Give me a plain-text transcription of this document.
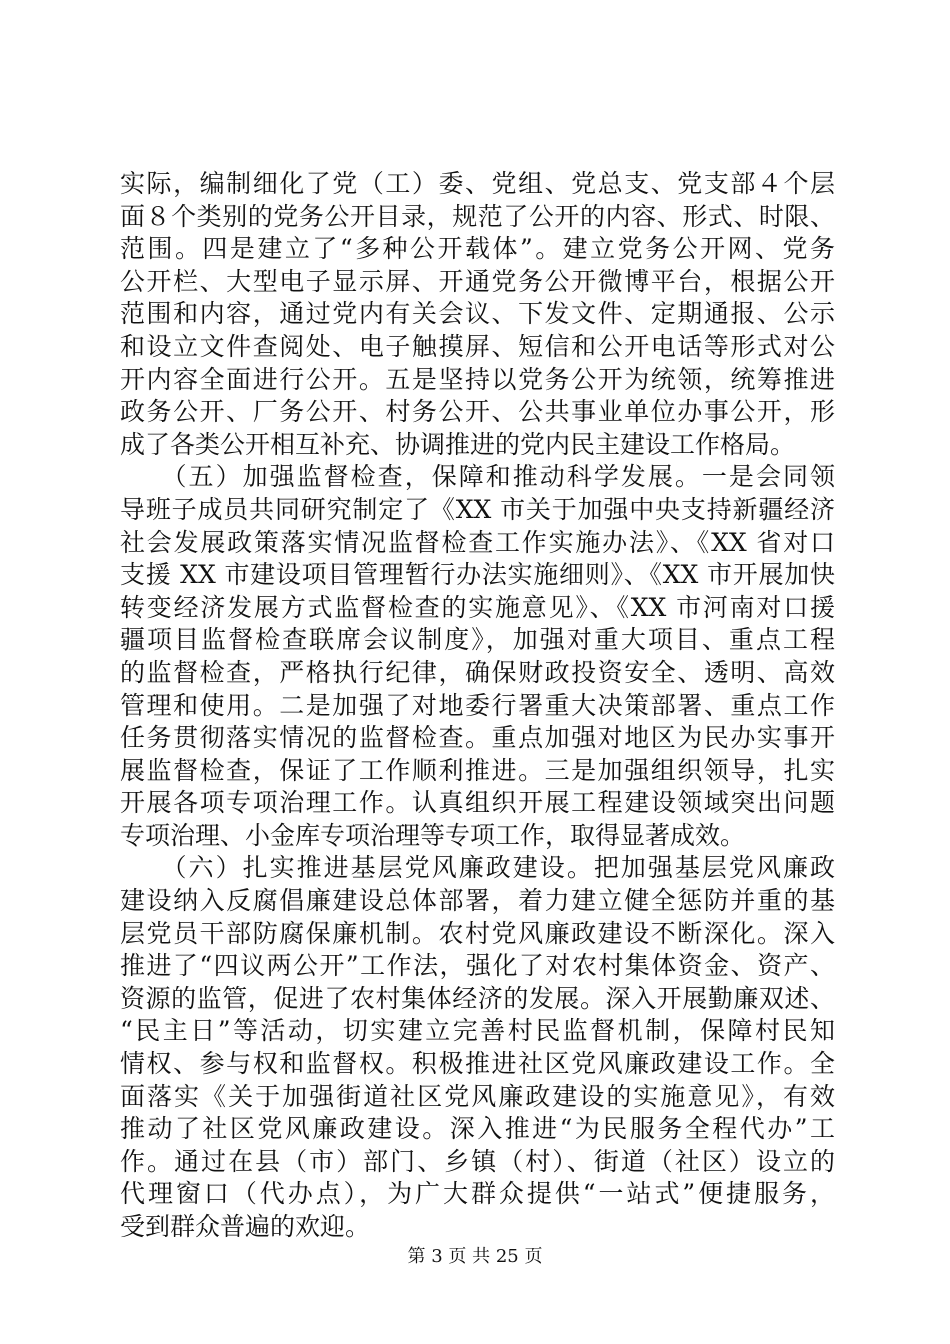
实际，编制细化了党（工）委、党组、党总支、党支部４个层
面８个类别的党务公开目录，规范了公开的内容、形式、时限、
范围。四是建立了“多种公开载体”。建立党务公开网、党务
公开栏、大型电子显示屏、开通党务公开微博平台，根据公开
范围和内容，通过党内有关会议、下发文件、定期通报、公示
和设立文件查阅处、电子触摸屏、短信和公开电话等形式对公
开内容全面进行公开。五是坚持以党务公开为统领，统筹推进
政务公开、厂务公开、村务公开、公共事业单位办事公开，形
成了各类公开相互补充、协调推进的党内民主建设工作格局。
　　（五）加强监督检查，保障和推动科学发展。一是会同领
导班子成员共同研究制定了《XX 市关于加强中央支持新疆经济
社会发展政策落实情况监督检查工作实施办法》、《XX 省对口
支援 XX 市建设项目管理暂行办法实施细则》、《XX 市开展加快
转变经济发展方式监督检查的实施意见》、《XX 市河南对口援
疆项目监督检查联席会议制度》，加强对重大项目、重点工程
的监督检查，严格执行纪律，确保财政投资安全、透明、高效
管理和使用。二是加强了对地委行署重大决策部署、重点工作
任务贯彻落实情况的监督检查。重点加强对地区为民办实事开
展监督检查，保证了工作顺利推进。三是加强组织领导，扎实
开展各项专项治理工作。认真组织开展工程建设领域突出问题
专项治理、小金库专项治理等专项工作，取得显著成效。
　　（六）扎实推进基层党风廉政建设。把加强基层党风廉政
建设纳入反腐倡廉建设总体部署，着力建立健全惩防并重的基
层党员干部防腐保廉机制。农村党风廉政建设不断深化。深入
推进了“四议两公开”工作法，强化了对农村集体资金、资产、
资源的监管，促进了农村集体经济的发展。深入开展勤廉双述、
“民主日”等活动，切实建立完善村民监督机制，保障村民知
情权、参与权和监督权。积极推进社区党风廉政建设工作。全
面落实《关于加强街道社区党风廉政建设的实施意见》，有效
推动了社区党风廉政建设。深入推进“为民服务全程代办”工
作。通过在县（市）部门、乡镇（村）、街道（社区）设立的
代理窗口（代办点），为广大群众提供“一站式”便捷服务，
受到群众普遍的欢迎。
第 3 页 共 25 页
